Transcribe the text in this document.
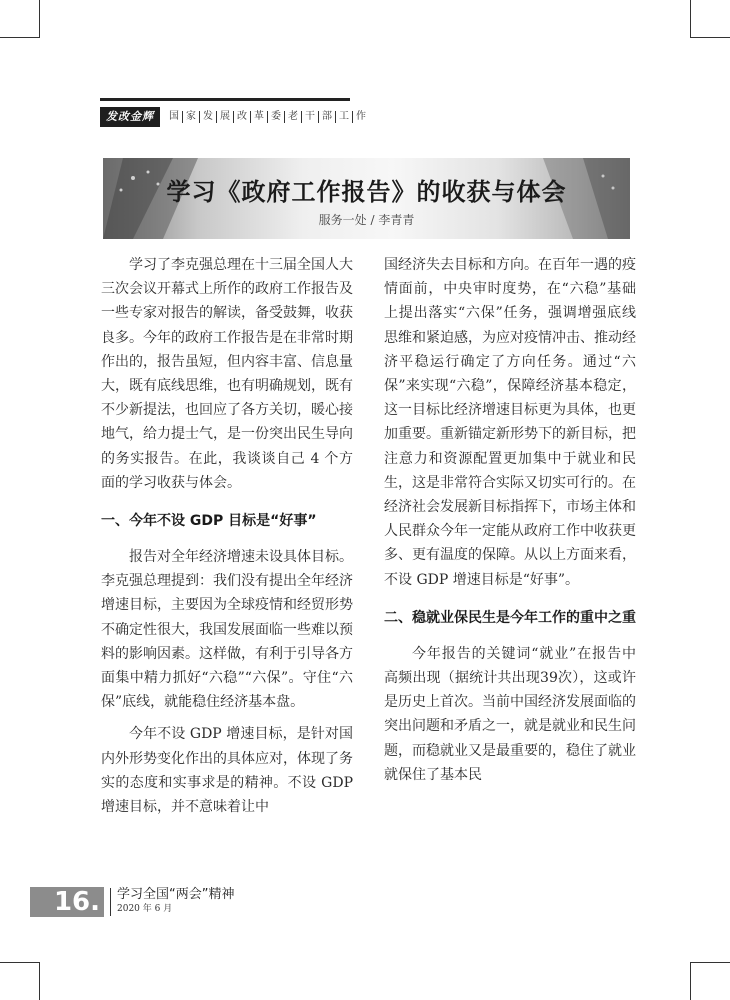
发改金辉	国 家 发 展 改 革 委 老 干 部 工 作
学习《政府工作报告》的收获与体会
服务一处 / 李青青

学习了李克强总理在十三届全国人大三次会议开幕式上所作的政府工作报告及一些专家对报告的解读，备受鼓舞，收获良多。今年的政府工作报告是在非常时期作出的，报告虽短，但内容丰富、信息量大，既有底线思维，也有明确规划，既有不少新提法，也回应了各方关切，暖心接地气，给力提士气，是一份突出民生导向的务实报告。在此，我谈谈自己 4 个方面的学习收获与体会。

一、今年不设 GDP 目标是“好事”

报告对全年经济增速未设具体目标。李克强总理提到：我们没有提出全年经济增速目标，主要因为全球疫情和经贸形势不确定性很大，我国发展面临一些难以预料的影响因素。这样做，有利于引导各方面集中精力抓好“六稳”“六保”。守住“六保”底线，就能稳住经济基本盘。

今年不设 GDP 增速目标，是针对国内外形势变化作出的具体应对，体现了务实的态度和实事求是的精神。不设 GDP 增速目标，并不意味着让中

国经济失去目标和方向。在百年一遇的疫情面前，中央审时度势，在“六稳”基础上提出落实“六保”任务，强调增强底线思维和紧迫感，为应对疫情冲击、推动经济平稳运行确定了方向任务。通过“六保”来实现“六稳”，保障经济基本稳定，这一目标比经济增速目标更为具体，也更加重要。重新锚定新形势下的新目标，把注意力和资源配置更加集中于就业和民生，这是非常符合实际又切实可行的。在经济社会发展新目标指挥下，市场主体和人民群众今年一定能从政府工作中收获更多、更有温度的保障。从以上方面来看，不设 GDP 增速目标是“好事”。

二、稳就业保民生是今年工作的重中之重

今年报告的关键词“就业”在报告中高频出现（据统计共出现39次），这或许是历史上首次。当前中国经济发展面临的突出问题和矛盾之一，就是就业和民生问题，而稳就业又是最重要的，稳住了就业就保住了基本民

16.	学习全国“两会”精神
2020 年 6 月
